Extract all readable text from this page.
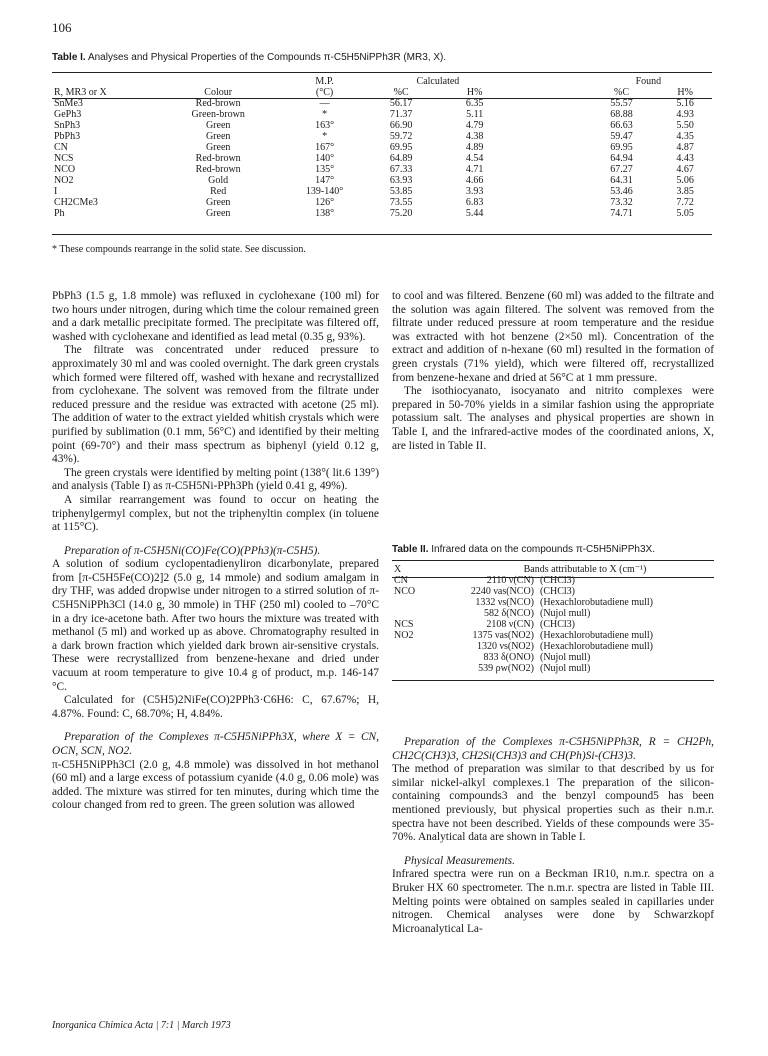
106
Table I. Analyses and Physical Properties of the Compounds π-C5H5NiPPh3R (MR3, X).
		M.P.	Calculated			Found	
R, MR3 or X	Colour	(°C)	%C	H%		%C	H%
SnMe3	Red-brown	—	56.17	6.35		55.57	5.16
GePh3	Green-brown	*	71.37	5.11		68.88	4.93
SnPh3	Green	163°	66.90	4.79		66.63	5.50
PbPh3	Green	*	59.72	4.38		59.47	4.35
CN	Green	167°	69.95	4.89		69.95	4.87
NCS	Red-brown	140°	64.89	4.54		64.94	4.43
NCO	Red-brown	135°	67.33	4.71		67.27	4.67
NO2	Gold	147°	63.93	4.66		64.31	5.06
I	Red	139-140°	53.85	3.93		53.46	3.85
CH2CMe3	Green	126°	73.55	6.83		73.32	7.72
Ph	Green	138°	75.20	5.44		74.71	5.05
* These compounds rearrange in the solid state. See discussion.

PbPh3 (1.5 g, 1.8 mmole) was refluxed in cyclohexane (100 ml) for two hours under nitrogen, during which time the colour remained green and a dark metallic precipitate formed. The precipitate was filtered off, washed with cyclohexane and identified as lead metal (0.35 g, 93%).

The filtrate was concentrated under reduced pressure to approximately 30 ml and was cooled overnight. The dark green crystals which formed were filtered off, washed with hexane and recrystallized from cyclohexane. The solvent was removed from the filtrate under reduced pressure and the residue was extracted with acetone (25 ml). The addition of water to the extract yielded whitish crystals which were purified by sublimation (0.1 mm, 56°C) and identified by their melting point (69-70°) and their mass spectrum as biphenyl (yield 0.12 g, 43%).

The green crystals were identified by melting point (138°( lit.6 139°) and analysis (Table I) as π-C5H5Ni-PPh3Ph (yield 0.41 g, 49%).

A similar rearrangement was found to occur on heating the triphenylgermyl complex, but not the triphenyltin complex (in toluene at 115°C).

Preparation of π-C5H5Ni(CO)Fe(CO)(PPh3)(π-C5H5).

A solution of sodium cyclopentadienyliron dicarbonylate, prepared from [π-C5H5Fe(CO)2]2 (5.0 g, 14 mmole) and sodium amalgam in dry THF, was added dropwise under nitrogen to a stirred solution of π-C5H5NiPPh3Cl (14.0 g, 30 mmole) in THF (250 ml) cooled to –70°C in a dry ice-acetone bath. After two hours the mixture was treated with methanol (5 ml) and worked up as above. Chromatography resulted in a dark brown fraction which yielded dark brown air-sensitive crystals. These were recrystallized from benzene-hexane and dried under vacuum at room temperature to give 10.4 g of product, m.p. 146-147 °C.

Calculated for (C5H5)2NiFe(CO)2PPh3·C6H6: C, 67.67%; H, 4.87%. Found: C, 68.70%; H, 4.84%.

Preparation of the Complexes π-C5H5NiPPh3X, where X = CN, OCN, SCN, NO2.

π-C5H5NiPPh3Cl (2.0 g, 4.8 mmole) was dissolved in hot methanol (60 ml) and a large excess of potassium cyanide (4.0 g, 0.06 mole) was added. The mixture was stirred for ten minutes, during which time the colour changed from red to green. The green solution was allowed

to cool and was filtered. Benzene (60 ml) was added to the filtrate and the solution was again filtered. The solvent was removed from the filtrate under reduced pressure at room temperature and the residue was extracted with hot benzene (2×50 ml). Concentration of the extract and addition of n-hexane (60 ml) resulted in the formation of green crystals (71% yield), which were filtered off, recrystallized from benzene-hexane and dried at 56°C at 1 mm pressure.

The isothiocyanato, isocyanato and nitrito complexes were prepared in 50-70% yields in a similar fashion using the appropriate potassium salt. The analyses and physical properties are shown in Table I, and the infrared-active modes of the coordinated anions, X, are listed in Table II.

Table II. Infrared data on the compounds π-C5H5NiPPh3X.
X	Bands attributable to X (cm⁻¹)	
CN	2110 ν(CN)	(CHCl3)
NCO	2240 νas(NCO)	(CHCl3)
	1332 νs(NCO)	(Hexachlorobutadiene mull)
	582 δ(NCO)	(Nujol mull)
NCS	2108 ν(CN)	(CHCl3)
NO2	1375 νas(NO2)	(Hexachlorobutadiene mull)
	1320 νs(NO2)	(Hexachlorobutadiene mull)
	833 δ(ONO)	(Nujol mull)
	539 ρw(NO2)	(Nujol mull)

Preparation of the Complexes π-C5H5NiPPh3R, R = CH2Ph, CH2C(CH3)3, CH2Si(CH3)3 and CH(Ph)Si-(CH3)3.

The method of preparation was similar to that described by us for similar nickel-alkyl complexes.1 The preparation of the silicon-containing compounds3 and the benzyl compound5 has been mentioned previously, but physical properties such as their n.m.r. spectra have not been described. Yields of these compounds were 35-70%. Analytical data are shown in Table I.

Physical Measurements.

Infrared spectra were run on a Beckman IR10, n.m.r. spectra on a Bruker HX 60 spectrometer. The n.m.r. spectra are listed in Table III. Melting points were obtained on samples sealed in capillaries under nitrogen. Chemical analyses were done by Schwarzkopf Microanalytical La-

Inorganica Chimica Acta | 7:1 | March 1973
